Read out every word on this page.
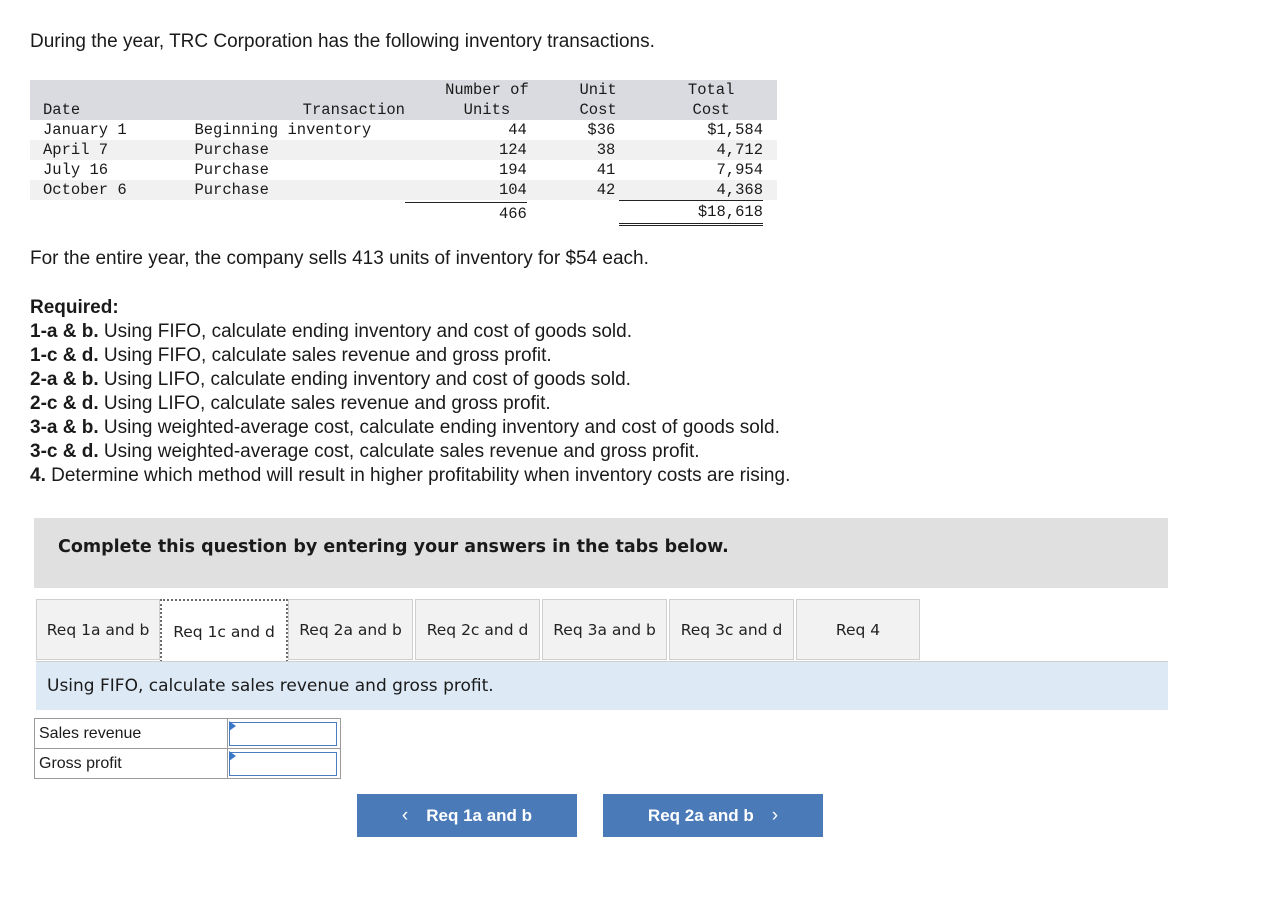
During the year, TRC Corporation has the following inventory transactions.

		Number of	Unit	Total
Date	Transaction	Units	Cost	Cost
January 1	Beginning inventory	44	$36	$1,584
April 7	Purchase	124	38	4,712
July 16	Purchase	194	41	7,954
October 6	Purchase	104	42	4,368

		466		$18,618

For the entire year, the company sells 413 units of inventory for $54 each.

Required:
1-a & b. Using FIFO, calculate ending inventory and cost of goods sold.
1-c & d. Using FIFO, calculate sales revenue and gross profit.
2-a & b. Using LIFO, calculate ending inventory and cost of goods sold.
2-c & d. Using LIFO, calculate sales revenue and gross profit.
3-a & b. Using weighted-average cost, calculate ending inventory and cost of goods sold.
3-c & d. Using weighted-average cost, calculate sales revenue and gross profit.
4. Determine which method will result in higher profitability when inventory costs are rising.
Complete this question by entering your answers in the tabs below.
Req 1a and b	Req 1c and d	Req 2a and b	Req 2c and d	Req 3a and b	Req 3c and d	Req 4
Using FIFO, calculate sales revenue and gross profit.
Sales revenue	

Gross profit	
‹ Req 1a and b	Req 2a and b ›
